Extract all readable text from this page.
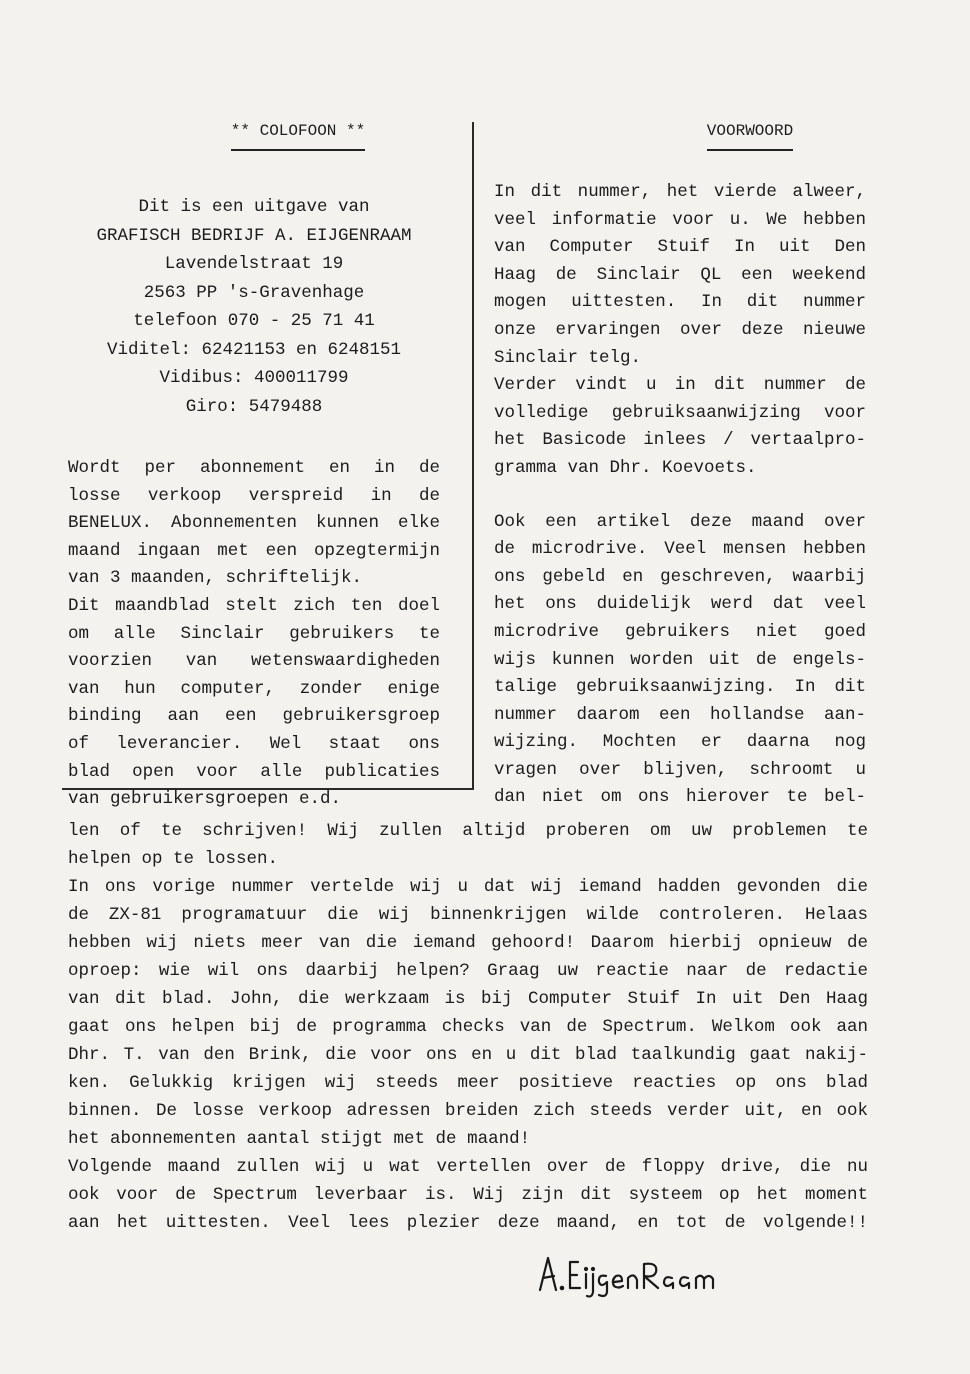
** COLOFOON **
Dit is een uitgave van
GRAFISCH BEDRIJF A. EIJGENRAAM
Lavendelstraat 19
2563 PP 's-Gravenhage
telefoon 070 - 25 71 41
Viditel: 62421153 en 6248151
Vidibus: 400011799
Giro: 5479488
Wordt per abonnement en in de
losse verkoop verspreid in de
BENELUX. Abonnementen kunnen elke
maand ingaan met een opzegtermijn
van 3 maanden, schriftelijk.
Dit maandblad stelt zich ten doel
om alle Sinclair gebruikers te
voorzien van wetenswaardigheden
van hun computer, zonder enige
binding aan een gebruikersgroep
of leverancier. Wel staat ons
blad open voor alle publicaties
van gebruikersgroepen e.d.
VOORWOORD
In dit nummer, het vierde alweer,
veel informatie voor u. We hebben
van Computer Stuif In uit Den
Haag de Sinclair QL een weekend
mogen uittesten. In dit nummer
onze ervaringen over deze nieuwe
Sinclair telg.
Verder vindt u in dit nummer de
volledige gebruiksaanwijzing voor
het Basicode inlees / vertaalpro-
gramma van Dhr. Koevoets.
Ook een artikel deze maand over
de microdrive. Veel mensen hebben
ons gebeld en geschreven, waarbij
het ons duidelijk werd dat veel
microdrive gebruikers niet goed
wijs kunnen worden uit de engels-
talige gebruiksaanwijzing. In dit
nummer daarom een hollandse aan-
wijzing. Mochten er daarna nog
vragen over blijven, schroomt u
dan niet om ons hierover te bel-
len of te schrijven! Wij zullen altijd proberen om uw problemen te
helpen op te lossen.
In ons vorige nummer vertelde wij u dat wij iemand hadden gevonden die
de ZX-81 programatuur die wij binnenkrijgen wilde controleren. Helaas
hebben wij niets meer van die iemand gehoord! Daarom hierbij opnieuw de
oproep: wie wil ons daarbij helpen? Graag uw reactie naar de redactie
van dit blad. John, die werkzaam is bij Computer Stuif In uit Den Haag
gaat ons helpen bij de programma checks van de Spectrum. Welkom ook aan
Dhr. T. van den Brink, die voor ons en u dit blad taalkundig gaat nakij-
ken. Gelukkig krijgen wij steeds meer positieve reacties op ons blad
binnen. De losse verkoop adressen breiden zich steeds verder uit, en ook
het abonnementen aantal stijgt met de maand!
Volgende maand zullen wij u wat vertellen over de floppy drive, die nu
ook voor de Spectrum leverbaar is. Wij zijn dit systeem op het moment
aan het uittesten. Veel lees plezier deze maand, en tot de volgende!!
